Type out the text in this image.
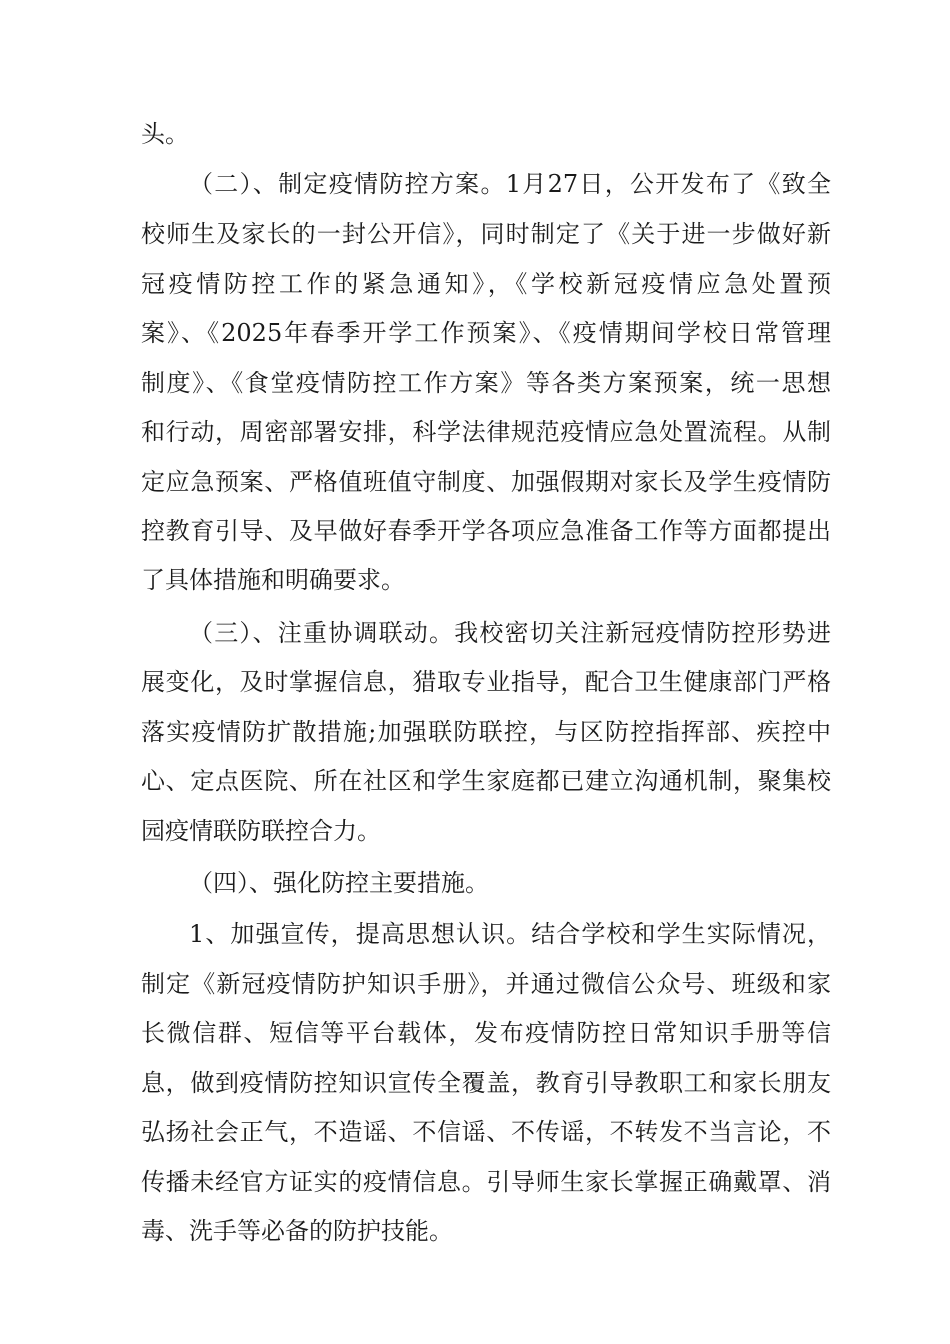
头。
（二）、制定疫情防控方案。1月27日，公开发布了《致全
校师生及家长的一封公开信》，同时制定了《关于进一步做好新
冠疫情防控工作的紧急通知》，《学校新冠疫情应急处置预
案》、《2025年春季开学工作预案》、《疫情期间学校日常管理
制度》、《食堂疫情防控工作方案》等各类方案预案，统一思想
和行动，周密部署安排，科学法律规范疫情应急处置流程。从制
定应急预案、严格值班值守制度、加强假期对家长及学生疫情防
控教育引导、及早做好春季开学各项应急准备工作等方面都提出
了具体措施和明确要求。
（三）、注重协调联动。我校密切关注新冠疫情防控形势进
展变化，及时掌握信息，猎取专业指导，配合卫生健康部门严格
落实疫情防扩散措施;加强联防联控，与区防控指挥部、疾控中
心、定点医院、所在社区和学生家庭都已建立沟通机制，聚集校
园疫情联防联控合力。
（四）、强化防控主要措施。
1、加强宣传，提高思想认识。结合学校和学生实际情况，
制定《新冠疫情防护知识手册》，并通过微信公众号、班级和家
长微信群、短信等平台载体，发布疫情防控日常知识手册等信
息，做到疫情防控知识宣传全覆盖，教育引导教职工和家长朋友
弘扬社会正气，不造谣、不信谣、不传谣，不转发不当言论，不
传播未经官方证实的疫情信息。引导师生家长掌握正确戴罩、消
毒、洗手等必备的防护技能。
